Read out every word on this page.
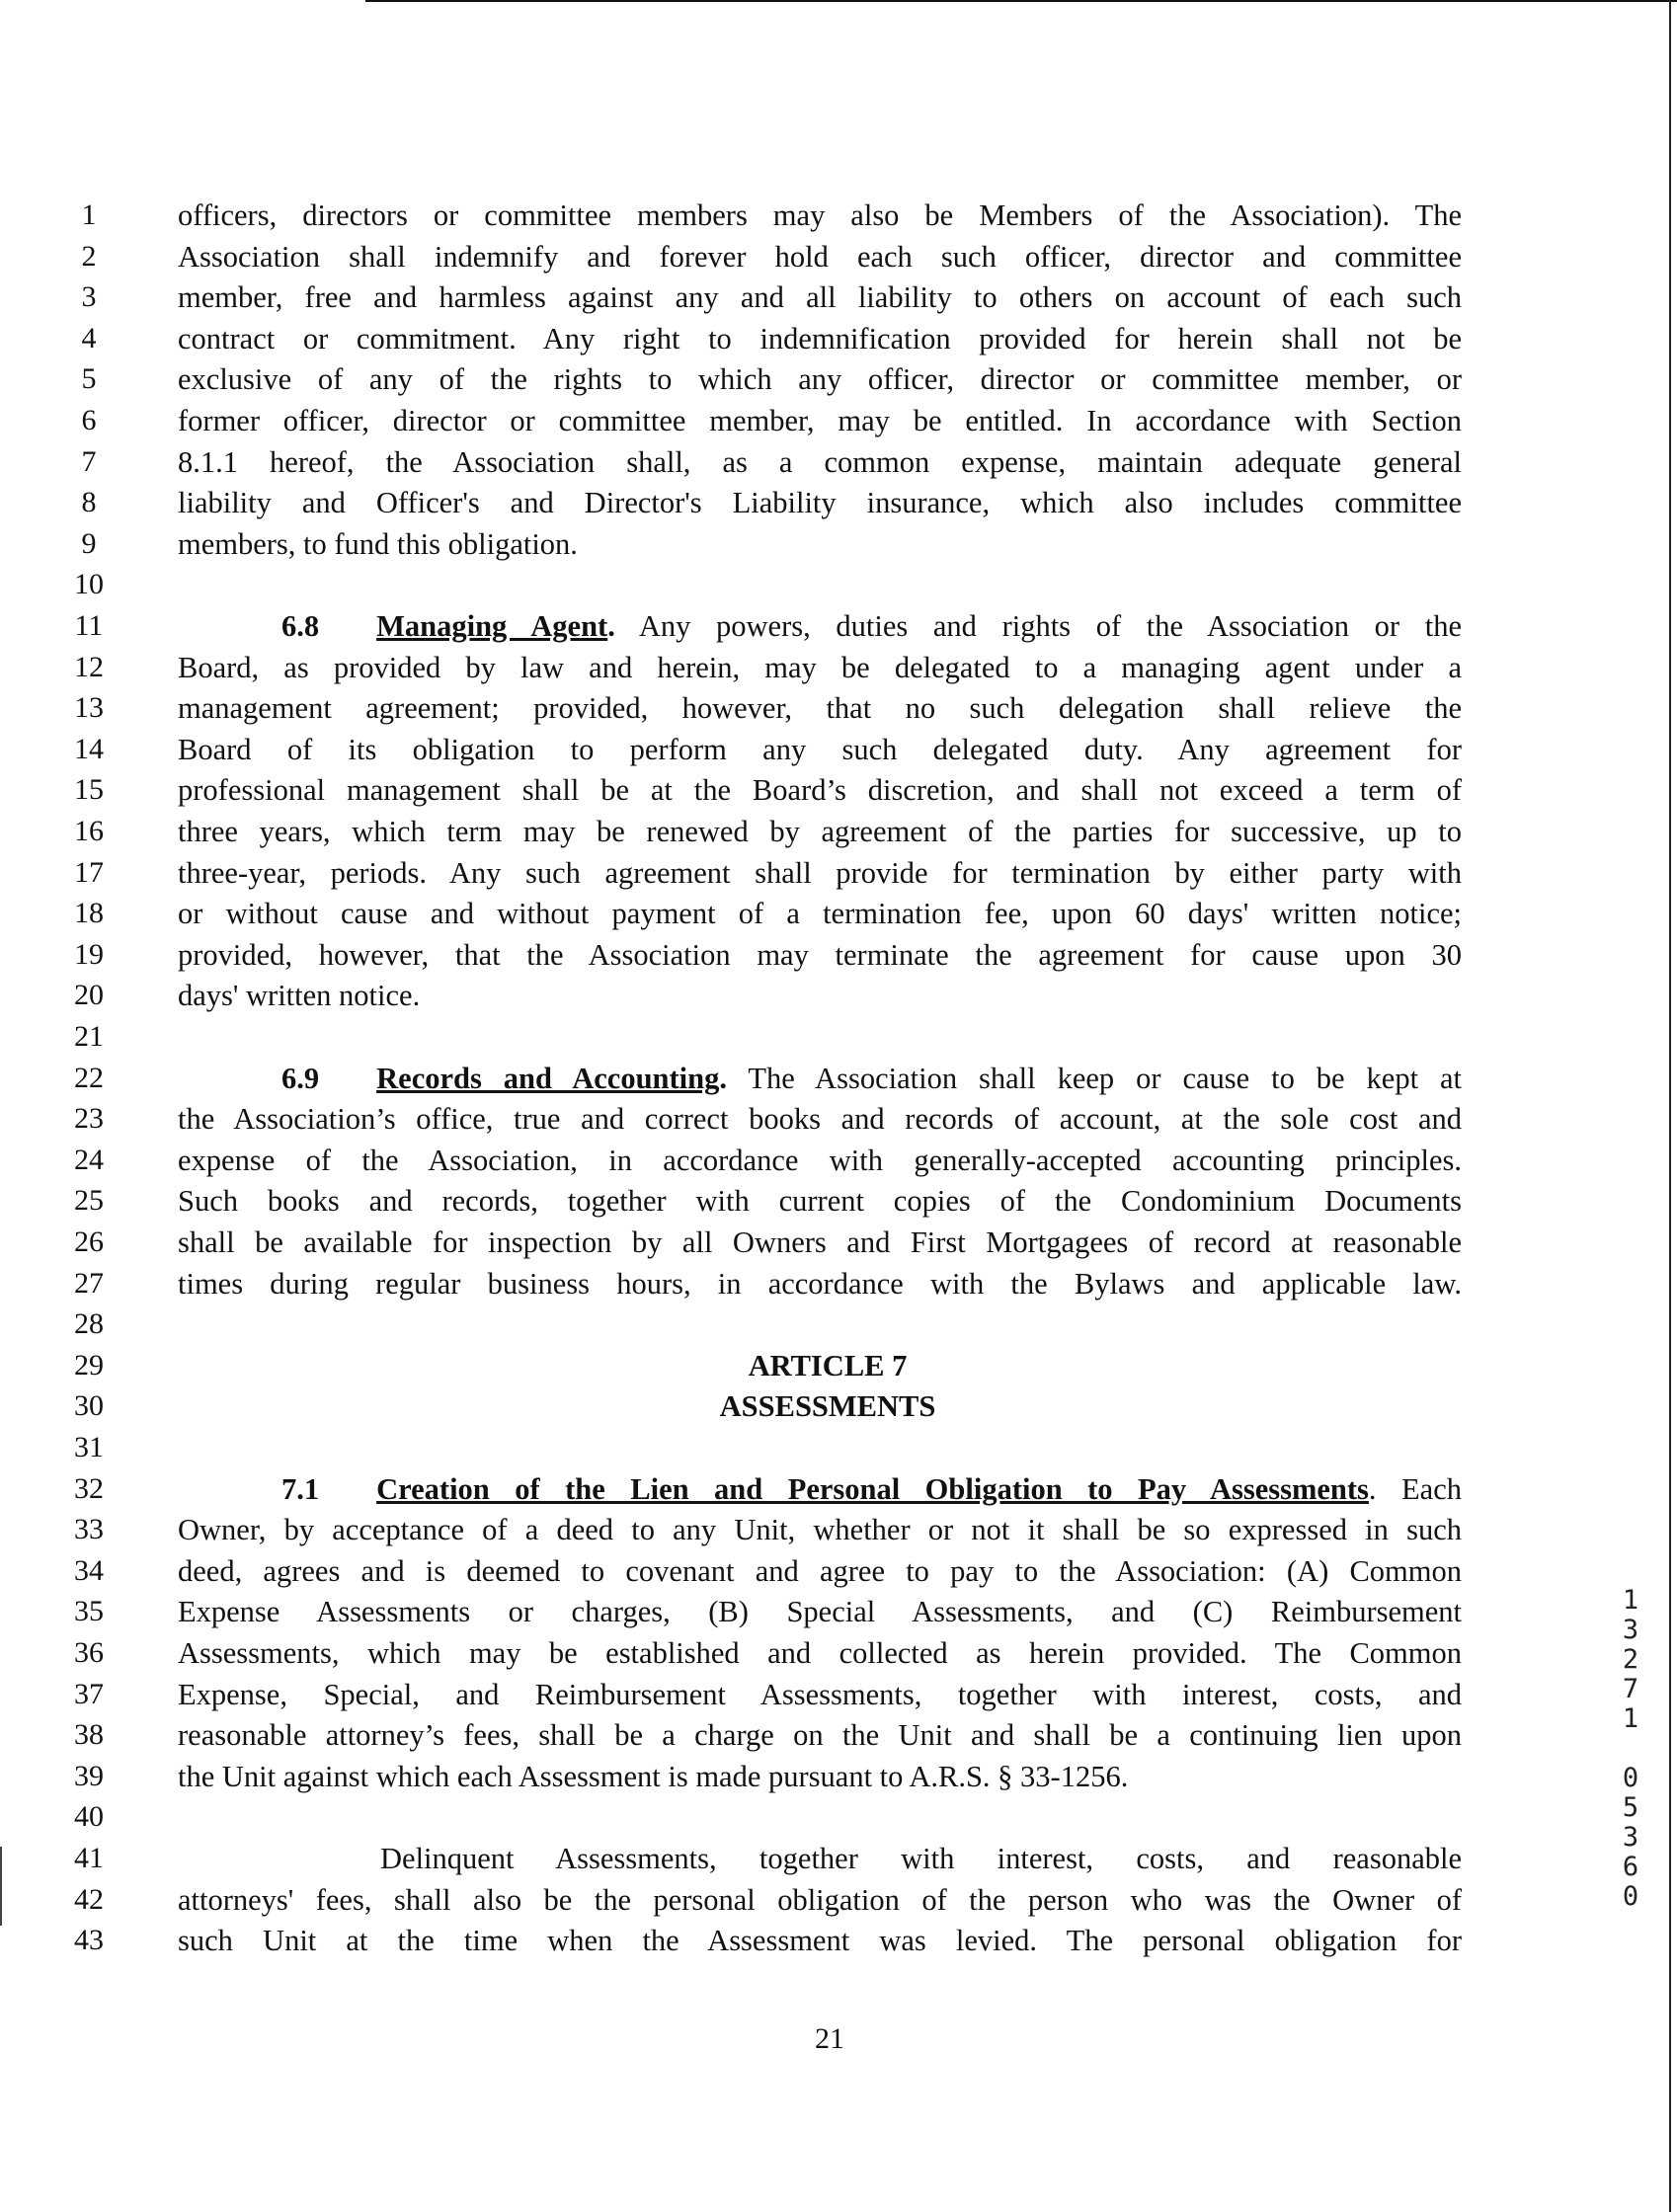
1
2
3
4
5
6
7
8
9
10
11
12
13
14
15
16
17
18
19
20
21
22
23
24
25
26
27
28
29
30
31
32
33
34
35
36
37
38
39
40
41
42
43
officers, directors or committee members may also be Members of the Association). The
Association shall indemnify and forever hold each such officer, director and committee
member, free and harmless against any and all liability to others on account of each such
contract or commitment. Any right to indemnification provided for herein shall not be
exclusive of any of the rights to which any officer, director or committee member, or
former officer, director or committee member, may be entitled. In accordance with Section
8.1.1 hereof, the Association shall, as a common expense, maintain adequate general
liability and Officer's and Director's Liability insurance, which also includes committee
members, to fund this obligation.
6.8 Managing Agent. Any powers, duties and rights of the Association or the
Board, as provided by law and herein, may be delegated to a managing agent under a
management agreement; provided, however, that no such delegation shall relieve the
Board of its obligation to perform any such delegated duty. Any agreement for
professional management shall be at the Board’s discretion, and shall not exceed a term of
three years, which term may be renewed by agreement of the parties for successive, up to
three-year, periods. Any such agreement shall provide for termination by either party with
or without cause and without payment of a termination fee, upon 60 days' written notice;
provided, however, that the Association may terminate the agreement for cause upon 30
days' written notice.
6.9 Records and Accounting. The Association shall keep or cause to be kept at
the Association’s office, true and correct books and records of account, at the sole cost and
expense of the Association, in accordance with generally-accepted accounting principles.
Such books and records, together with current copies of the Condominium Documents
shall be available for inspection by all Owners and First Mortgagees of record at reasonable
times during regular business hours, in accordance with the Bylaws and applicable law.
ARTICLE 7
ASSESSMENTS
7.1 Creation of the Lien and Personal Obligation to Pay Assessments. Each
Owner, by acceptance of a deed to any Unit, whether or not it shall be so expressed in such
deed, agrees and is deemed to covenant and agree to pay to the Association: (A) Common
Expense Assessments or charges, (B) Special Assessments, and (C) Reimbursement
Assessments, which may be established and collected as herein provided. The Common
Expense, Special, and Reimbursement Assessments, together with interest, costs, and
reasonable attorney’s fees, shall be a charge on the Unit and shall be a continuing lien upon
the Unit against which each Assessment is made pursuant to A.R.S. § 33-1256.
Delinquent Assessments, together with interest, costs, and reasonable
attorneys' fees, shall also be the personal obligation of the person who was the Owner of
such Unit at the time when the Assessment was levied. The personal obligation for
21
1
3
2
7
1
0
5
3
6
0
